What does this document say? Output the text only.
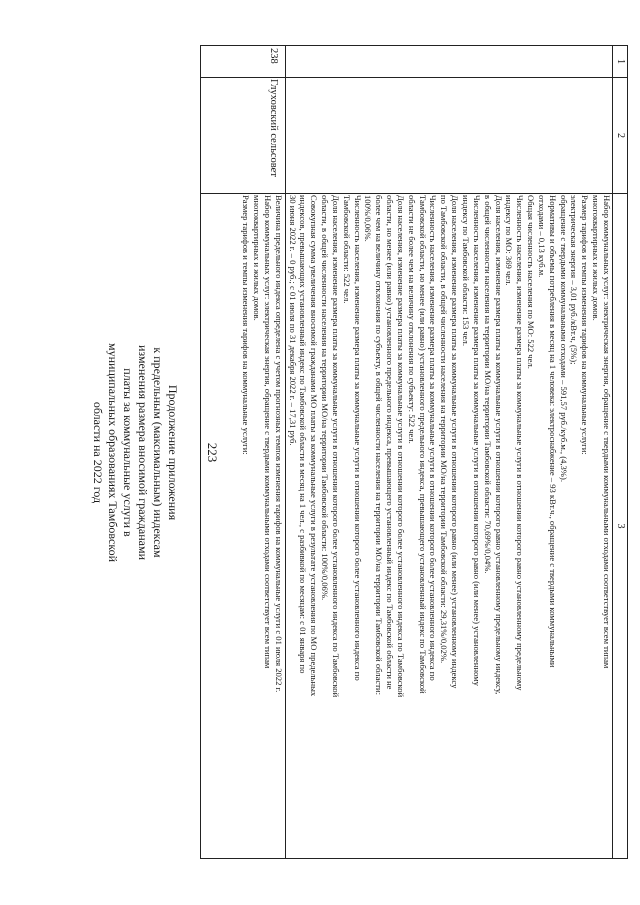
223
Продолжение приложения
к предельным (максимальным) индексам
изменения размера вносимой гражданами
платы за коммунальные услуги в
муниципальных образованиях Тамбовской
области на 2022 год
1
2
3
Набор коммунальных услуг: электрическая энергия, обращение с твердыми коммунальными отходами соответствует всем типам
многоквартирных и жилых домов.
Размер тарифов и темпы изменения тарифов на коммунальные услуги:
электрическая энергия – 3,01 руб./кВт.ч, (5%);
обращение с твердыми коммунальными отходами – 591,57 руб./куб.м., (4,3%).
Нормативы и объемы потребления в месяц на 1 человека: электроснабжение – 93 кВт.ч., обращение с твердыми коммунальными
отходами – 0,13 куб.м.
Общая численность населения по МО: 522 чел.
Численность населения, изменение размера платы за коммунальные услуги в отношении которого равно установленному предельному
индексу по МО: 369 чел.
Доля населения, изменение размера платы за коммунальные услуги в отношении которого равно установленному предельному индексу,
в общей численности населения на территории МО/на территории Тамбовской области: 70,69%/0,04%.
Численность населения, изменение размера платы за коммунальные услуги в отношении которого равно (или менее) установленному
индексу по Тамбовской области: 153 чел.
Доля населения, изменение размера платы за коммунальные услуги в отношении которого равно (или менее) установленному индексу
по Тамбовской области, в общей численности населения на территории МО/на территории Тамбовской области: 29,31%/0,02%.
Численность населения, изменение размера платы за коммунальные услуги в отношении которого более установленного индекса по
Тамбовской области, но менее (или равно) установленного предельного индекса, превышающего установленный индекс по Тамбовской
области не более чем на величину отклонения по субъекту: 522 чел.
Доля населения, изменение размера платы за коммунальные услуги в отношении которого более установленного индекса по Тамбовской
области, но менее (или равно) установленного предельного индекса, превышающего установленный индекс по Тамбовской области не
более чем на величину отклонения по субъекту, в общей численности населения на территории МО/на территории Тамбовской области:
100%/0,06%.
Численность населения, изменение размера платы за коммунальные услуги в отношении которого более установленного индекса по
Тамбовской области: 522 чел.
Доля населения, изменение размера платы за коммунальные услуги в отношении которого более установленного индекса по Тамбовской
области, в общей численности населения на территории МО/на территории Тамбовской области: 100%/0,06%.
Совокупная сумма увеличения вносимой гражданами МО платы за коммунальные услуги в результате установления по МО предельных
индексов, превышающих установленный индекс по Тамбовской области в месяц на 1 чел., с разбивкой по месяцам: с 01 января по
30 июня 2022 г. – 0 руб.; с 01 июля по 31 декабря 2022 г. – 17,31 руб.
238
Глуховский сельсовет
Величина предельного индекса определена с учетом прогнозных темпов изменения тарифов на коммунальные услуги с 01 июля 2022 г.
Набор коммунальных услуг: электрическая энергия, обращение с твердыми коммунальными отходами соответствует всем типам
многоквартирных и жилых домов.
Размер тарифов и темпы изменения тарифов на коммунальные услуги:
